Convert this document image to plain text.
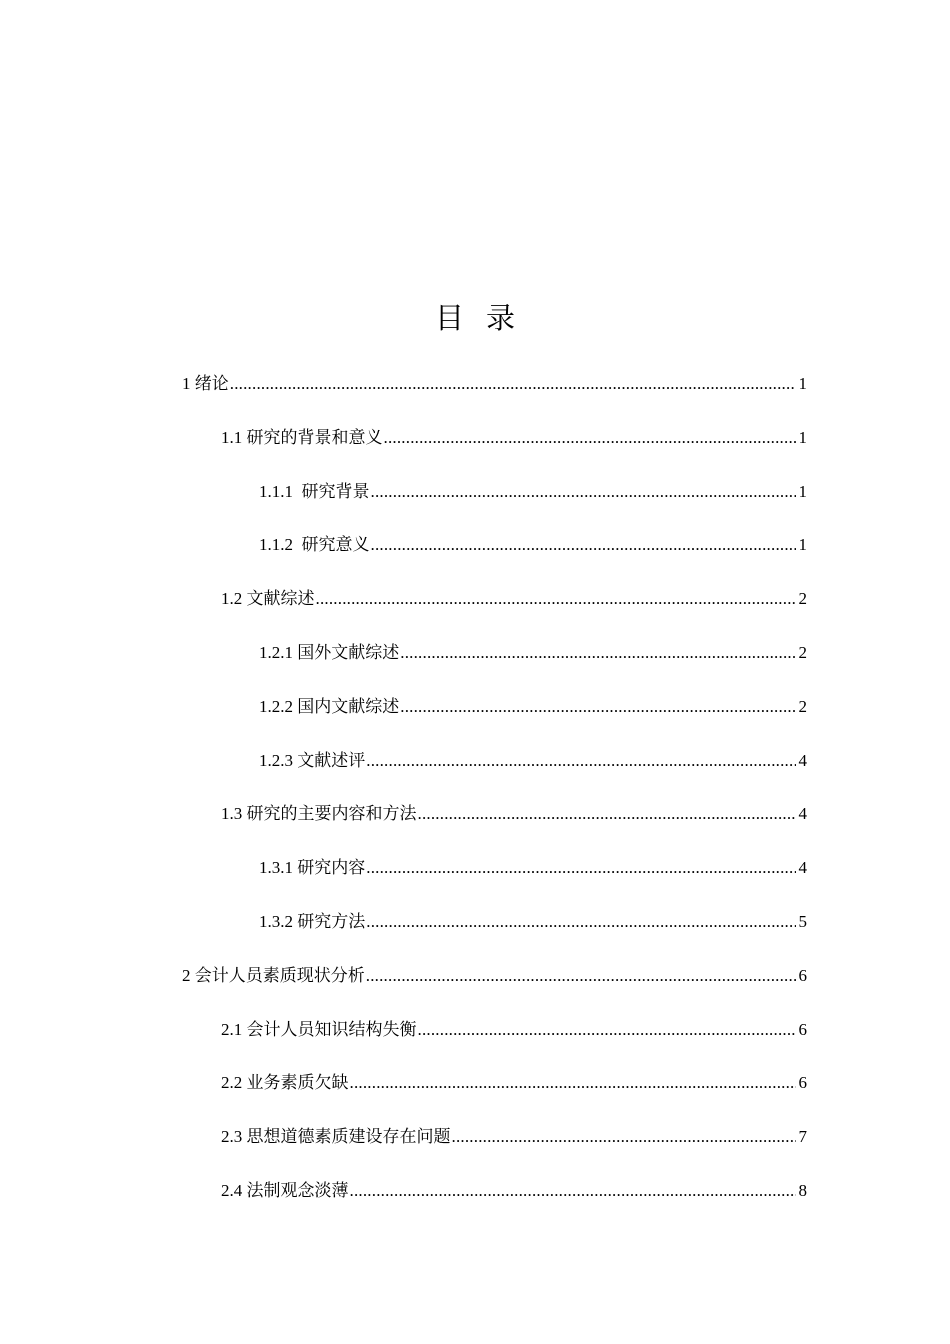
目录
1 绪论 .....	1
1.1 研究的背景和意义 .....	1
1.1.1  研究背景 .....	1
1.1.2  研究意义 .....	1
1.2 文献综述 .....	2
1.2.1 国外文献综述 .....	2
1.2.2 国内文献综述 .....	2
1.2.3 文献述评 .....	4
1.3 研究的主要内容和方法 .....	4
1.3.1 研究内容 .....	4
1.3.2 研究方法 .....	5
2 会计人员素质现状分析 .....	6
2.1 会计人员知识结构失衡 .....	6
2.2 业务素质欠缺 .....	6
2.3 思想道德素质建设存在问题 .....	7
2.4 法制观念淡薄 .....	8
